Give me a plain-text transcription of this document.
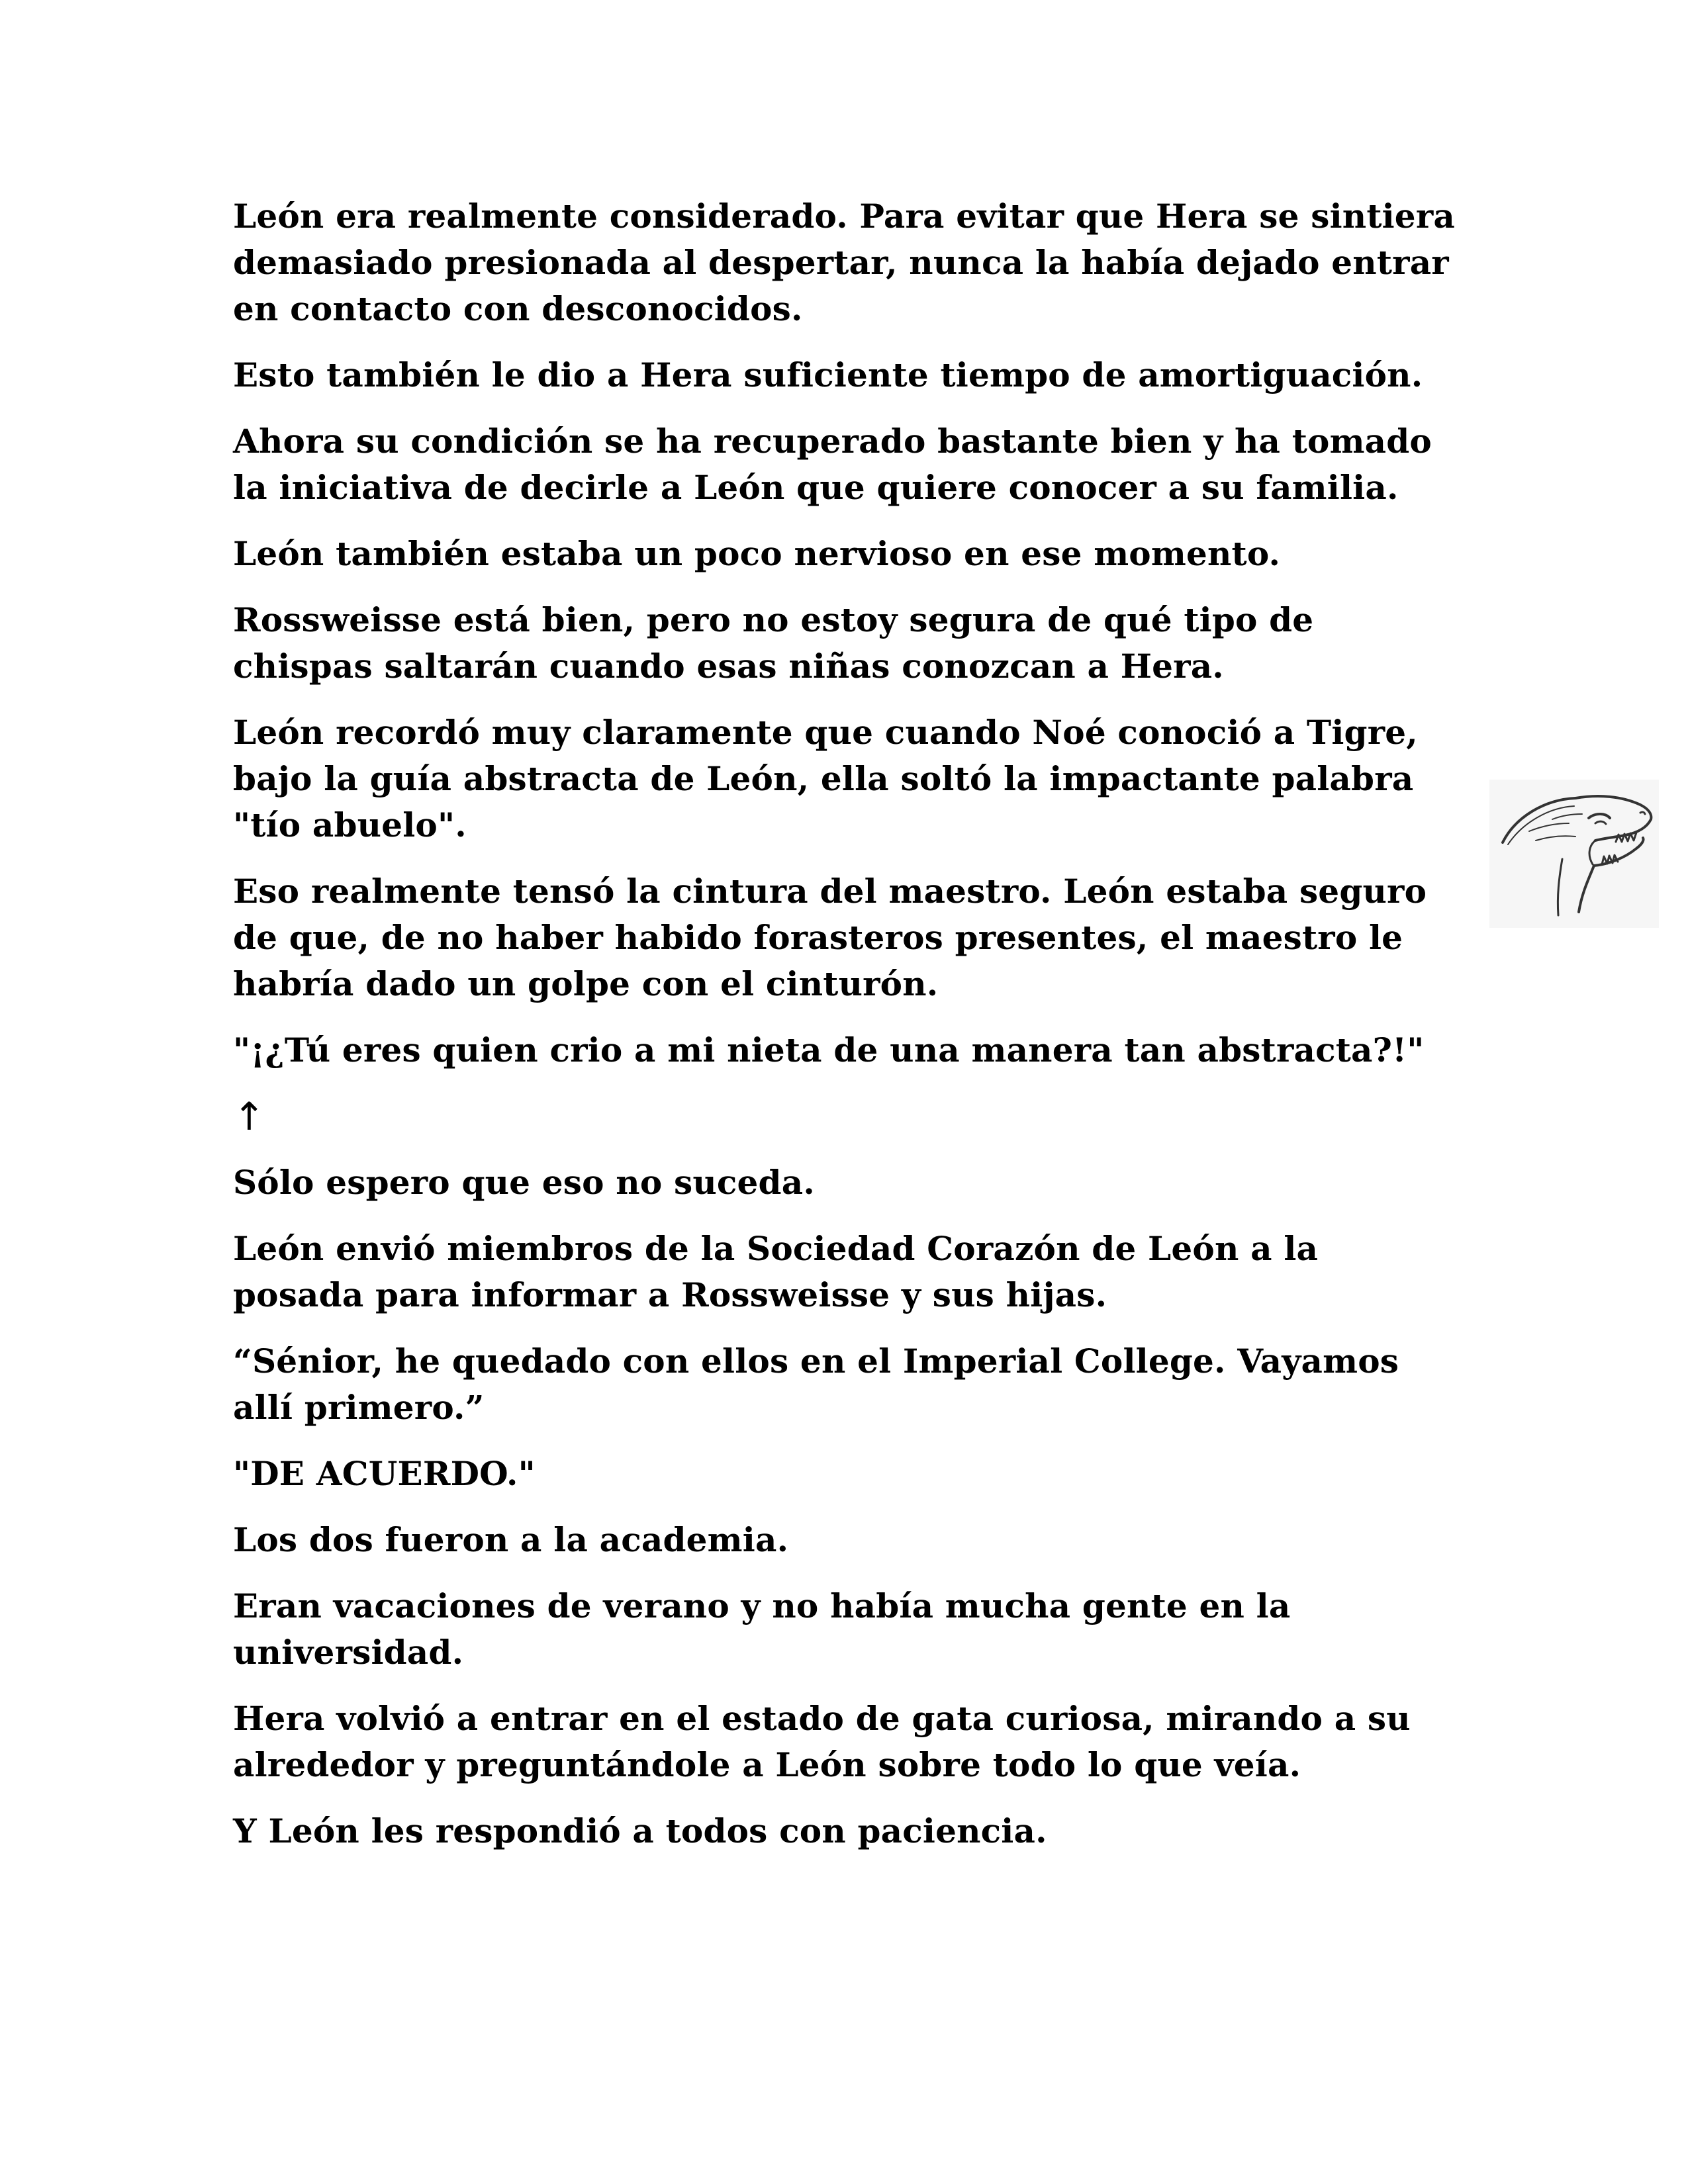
León era realmente considerado. Para evitar que Hera se sintiera demasiado presionada al despertar, nunca la había dejado entrar en contacto con desconocidos.

Esto también le dio a Hera suficiente tiempo de amortiguación.

Ahora su condición se ha recuperado bastante bien y ha tomado la iniciativa de decirle a León que quiere conocer a su familia.

León también estaba un poco nervioso en ese momento.

Rossweisse está bien, pero no estoy segura de qué tipo de chispas saltarán cuando esas niñas conozcan a Hera.

León recordó muy claramente que cuando Noé conoció a Tigre, bajo la guía abstracta de León, ella soltó la impactante palabra "tío abuelo".

Eso realmente tensó la cintura del maestro. León estaba seguro de que, de no haber habido forasteros presentes, el maestro le habría dado un golpe con el cinturón.

"¡¿Tú eres quien crio a mi nieta de una manera tan abstracta?!"

↑

Sólo espero que eso no suceda.

León envió miembros de la Sociedad Corazón de León a la posada para informar a Rossweisse y sus hijas.

“Sénior, he quedado con ellos en el Imperial College. Vayamos allí primero.”

"DE ACUERDO."

Los dos fueron a la academia.

Eran vacaciones de verano y no había mucha gente en la universidad.

Hera volvió a entrar en el estado de gata curiosa, mirando a su alrededor y preguntándole a León sobre todo lo que veía.

Y León les respondió a todos con paciencia.
